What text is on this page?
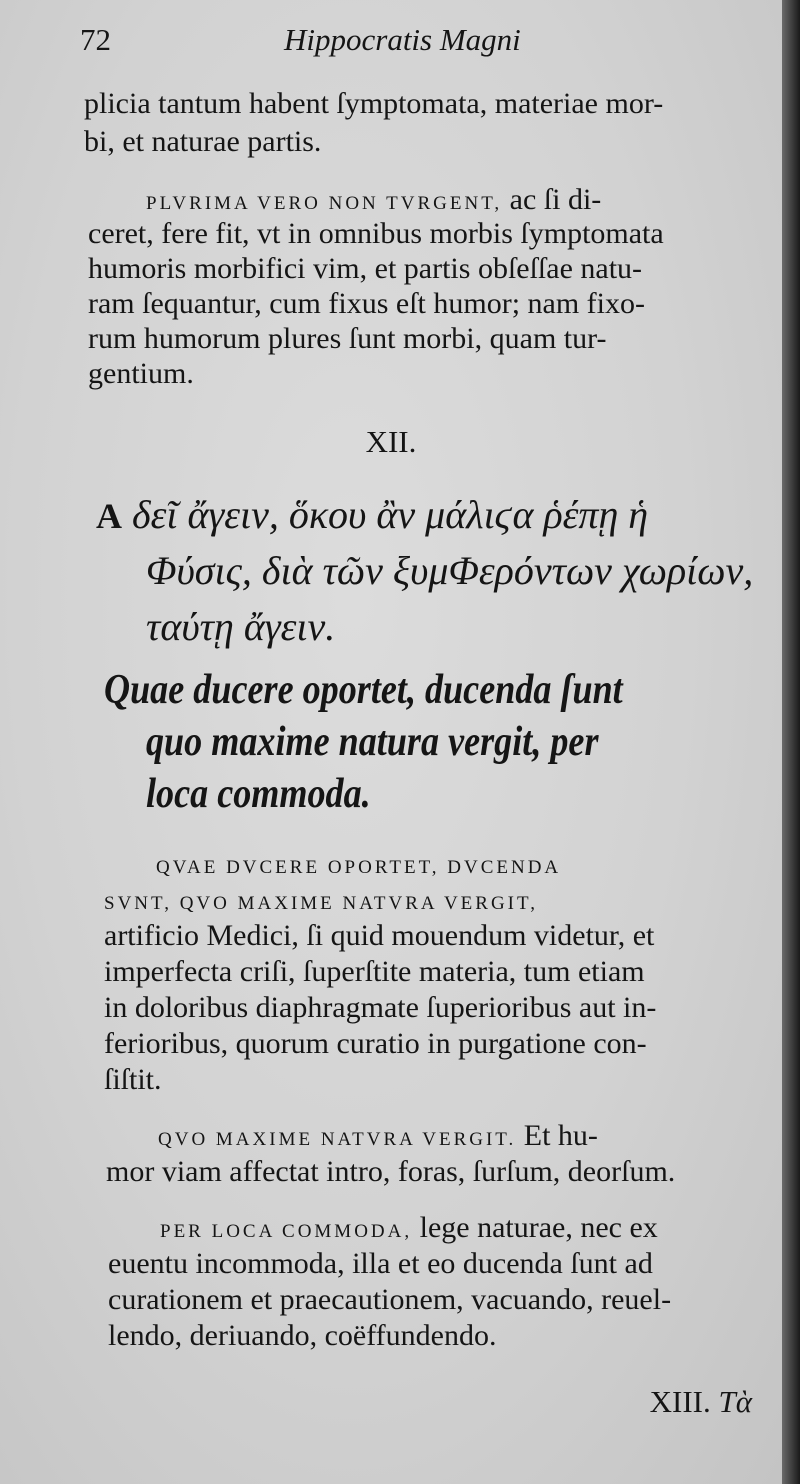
72	Hippocratis Magni
plicia tantum habent ſymptomata, materiae mor-
bi, et naturae partis.
PLVRIMA VERO NON TVRGENT, ac ſi di-
ceret, fere fit, vt in omnibus morbis ſymptomata
humoris morbifici vim, et partis obſeſſae natu-
ram ſequantur, cum fixus eſt humor; nam fixo-
rum humorum plures ſunt morbi, quam tur-
gentium.
XII.
A δεῖ ἄγειν, ὅκου ἂν μάλιϛα ῥέπῃ ἡ
Φύσις, διὰ τῶν ξυμΦερόντων χωρίων,
ταύτῃ ἄγειν.
Quae ducere oportet, ducenda ſunt
quo maxime natura vergit, per
loca commoda.
QVAE DVCERE OPORTET, DVCENDA
SVNT, QVO MAXIME NATVRA VERGIT,
artificio Medici, ſi quid mouendum videtur, et
imperfecta criſi, ſuperſtite materia, tum etiam
in doloribus diaphragmate ſuperioribus aut in-
ferioribus, quorum curatio in purgatione con-
ſiſtit.
QVO MAXIME NATVRA VERGIT. Et hu-
mor viam affectat intro, foras, ſurſum, deorſum.
PER LOCA COMMODA, lege naturae, nec ex
euentu incommoda, illa et eo ducenda ſunt ad
curationem et praecautionem, vacuando, reuel-
lendo, deriuando, coëffundendo.
XIII. Τὰ
